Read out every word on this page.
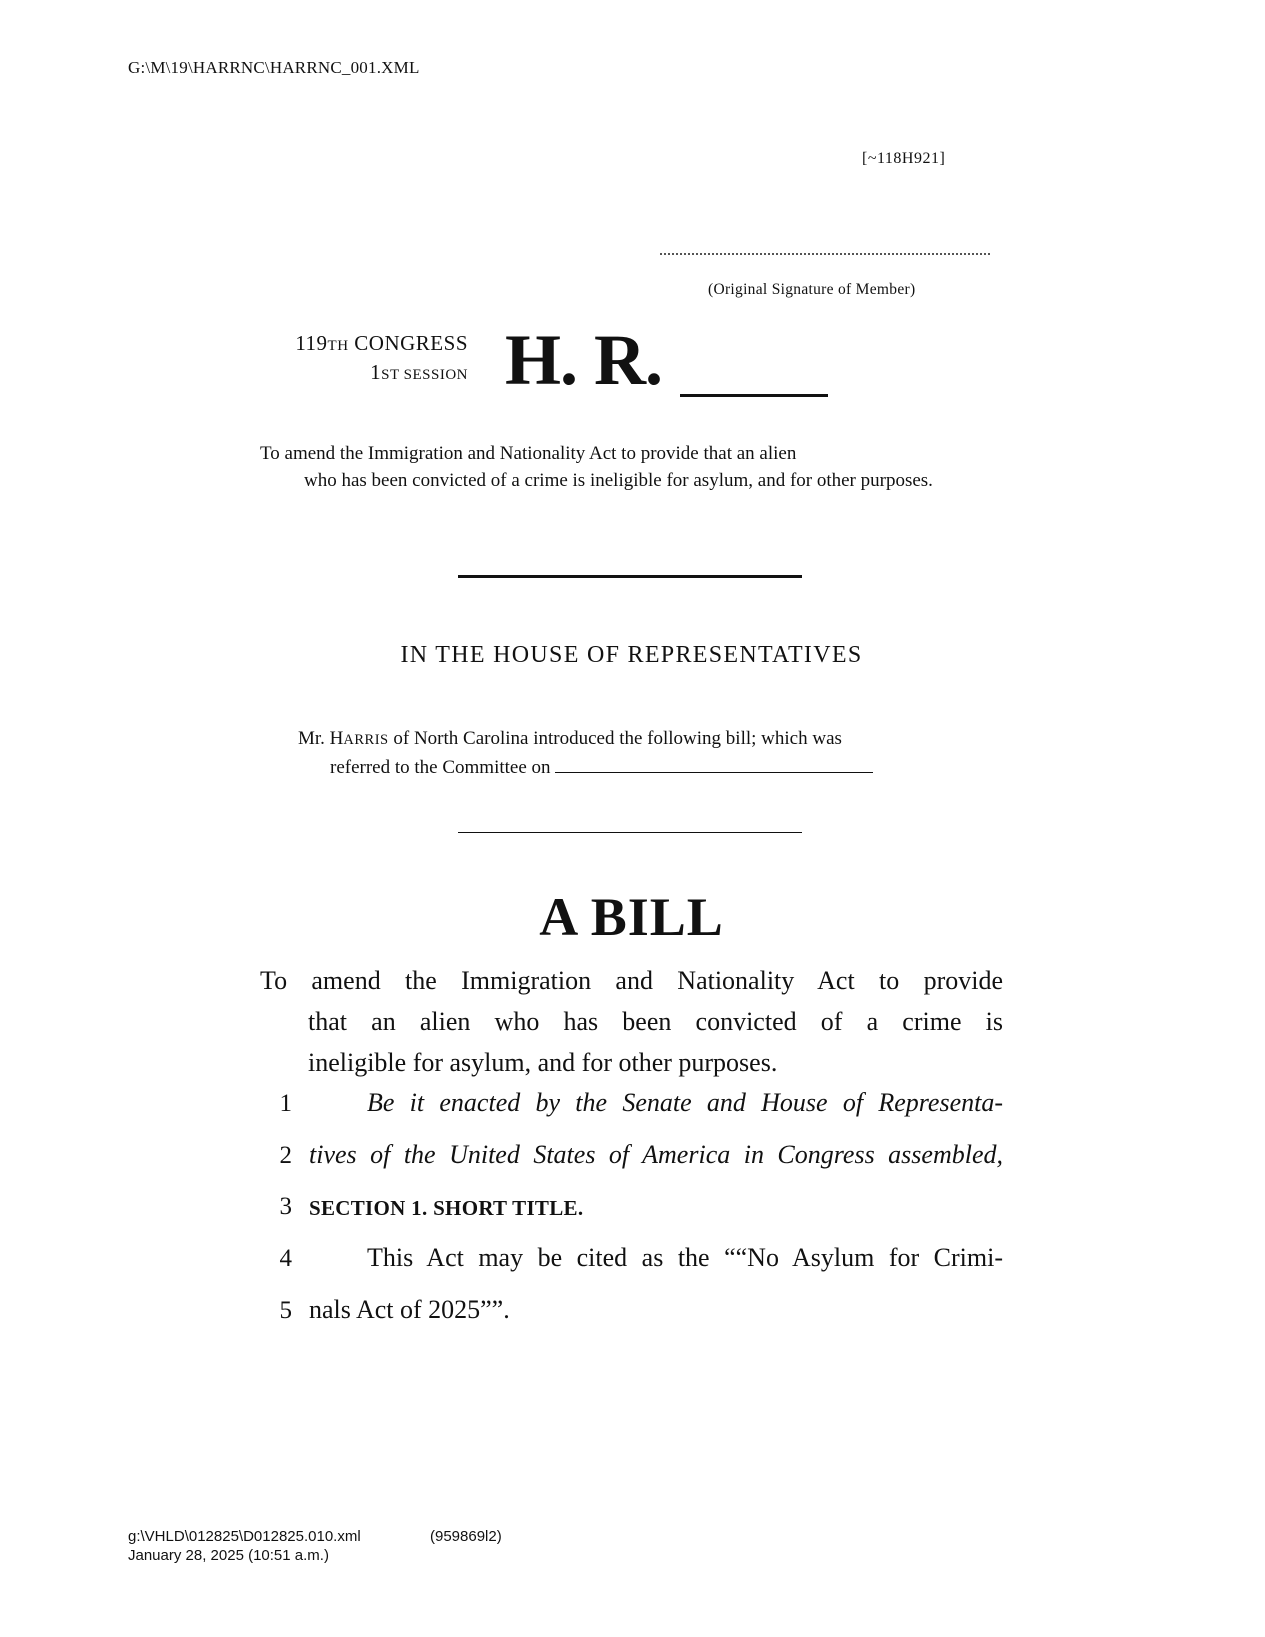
G:\M\19\HARRNC\HARRNC_001.XML
[~118H921]
(Original Signature of Member)
119TH CONGRESS
1ST SESSION H. R.
To amend the Immigration and Nationality Act to provide that an alien
who has been convicted of a crime is ineligible for asylum, and for other purposes.
IN THE HOUSE OF REPRESENTATIVES
Mr. HARRIS of North Carolina introduced the following bill; which was
referred to the Committee on
A BILL
To amend the Immigration and Nationality Act to provide
that an alien who has been convicted of a crime is
ineligible for asylum, and for other purposes.
1	Be it enacted by the Senate and House of Representa-
2 tives of the United States of America in Congress assembled,
3 SECTION 1. SHORT TITLE.
4	This Act may be cited as the ““No Asylum for Crimi-
5 nals Act of 2025””.
g:\VHLD\012825\D012825.010.xml	(959869l2)
January 28, 2025 (10:51 a.m.)
